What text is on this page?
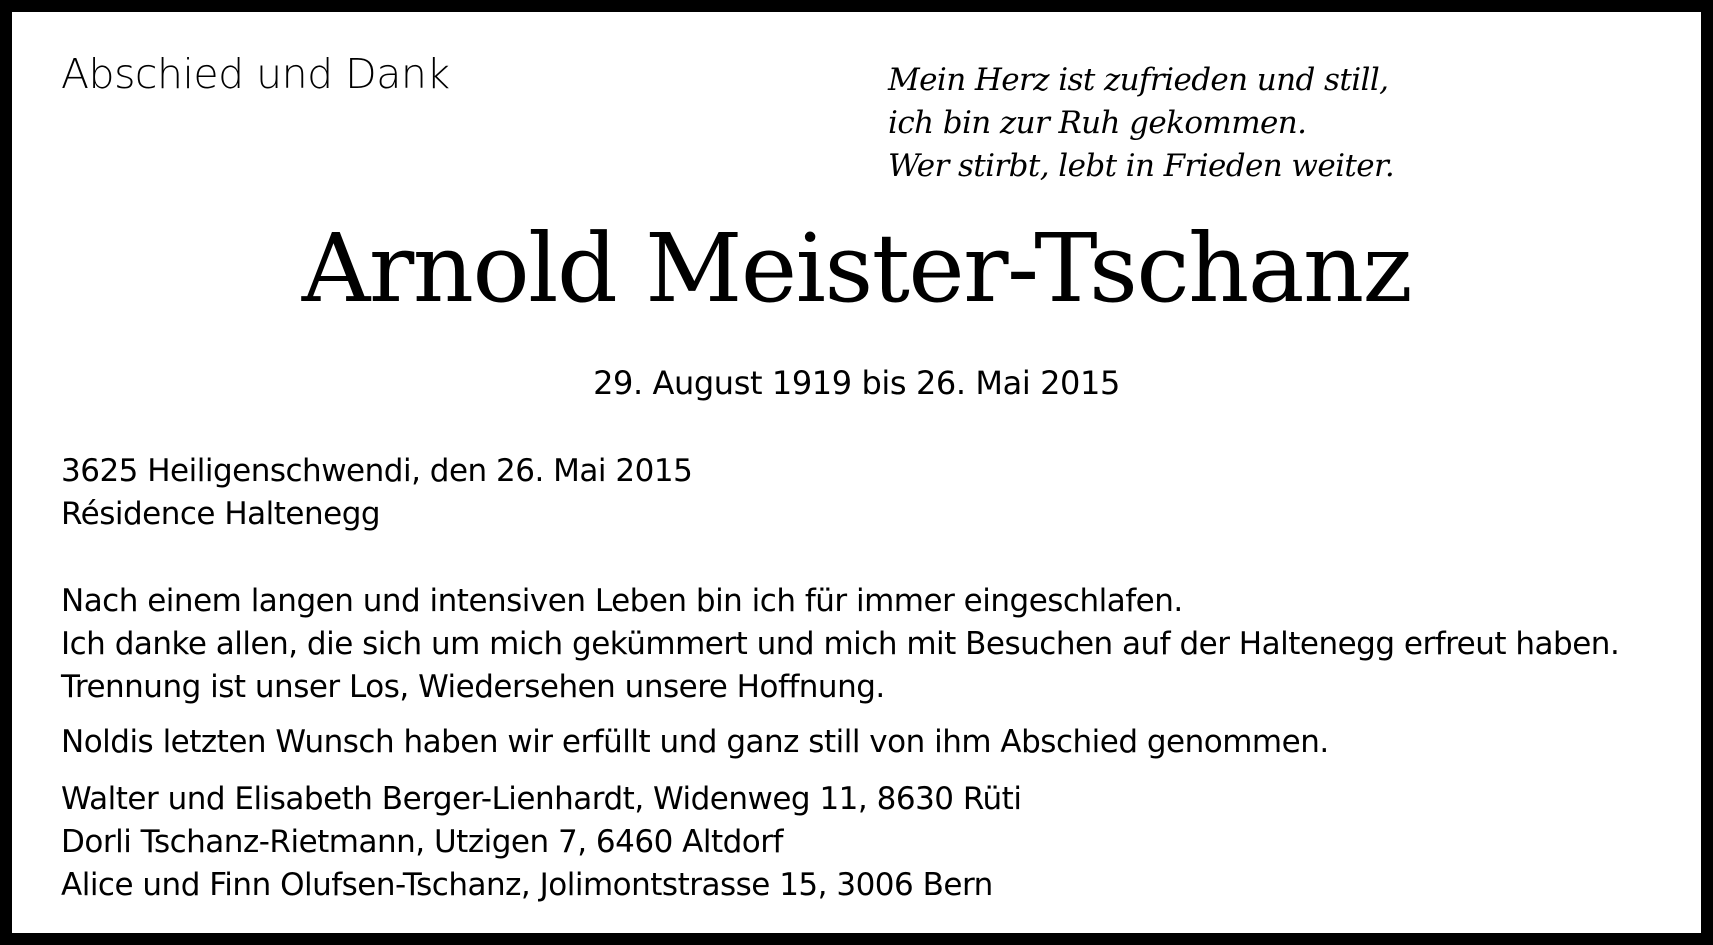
Abschied und Dank	Mein Herz ist zufrieden und still,
ich bin zur Ruh gekommen.
Wer stirbt, lebt in Frieden weiter.
Arnold Meister-Tschanz
29. August 1919 bis 26. Mai 2015
3625 Heiligenschwendi, den 26. Mai 2015
Résidence Haltenegg
Nach einem langen und intensiven Leben bin ich für immer eingeschlafen.
Ich danke allen, die sich um mich gekümmert und mich mit Besuchen auf der Haltenegg erfreut haben.
Trennung ist unser Los, Wiedersehen unsere Hoffnung.
Noldis letzten Wunsch haben wir erfüllt und ganz still von ihm Abschied genommen.
Walter und Elisabeth Berger-Lienhardt, Widenweg 11, 8630 Rüti
Dorli Tschanz-Rietmann, Utzigen 7, 6460 Altdorf
Alice und Finn Olufsen-Tschanz, Jolimontstrasse 15, 3006 Bern
